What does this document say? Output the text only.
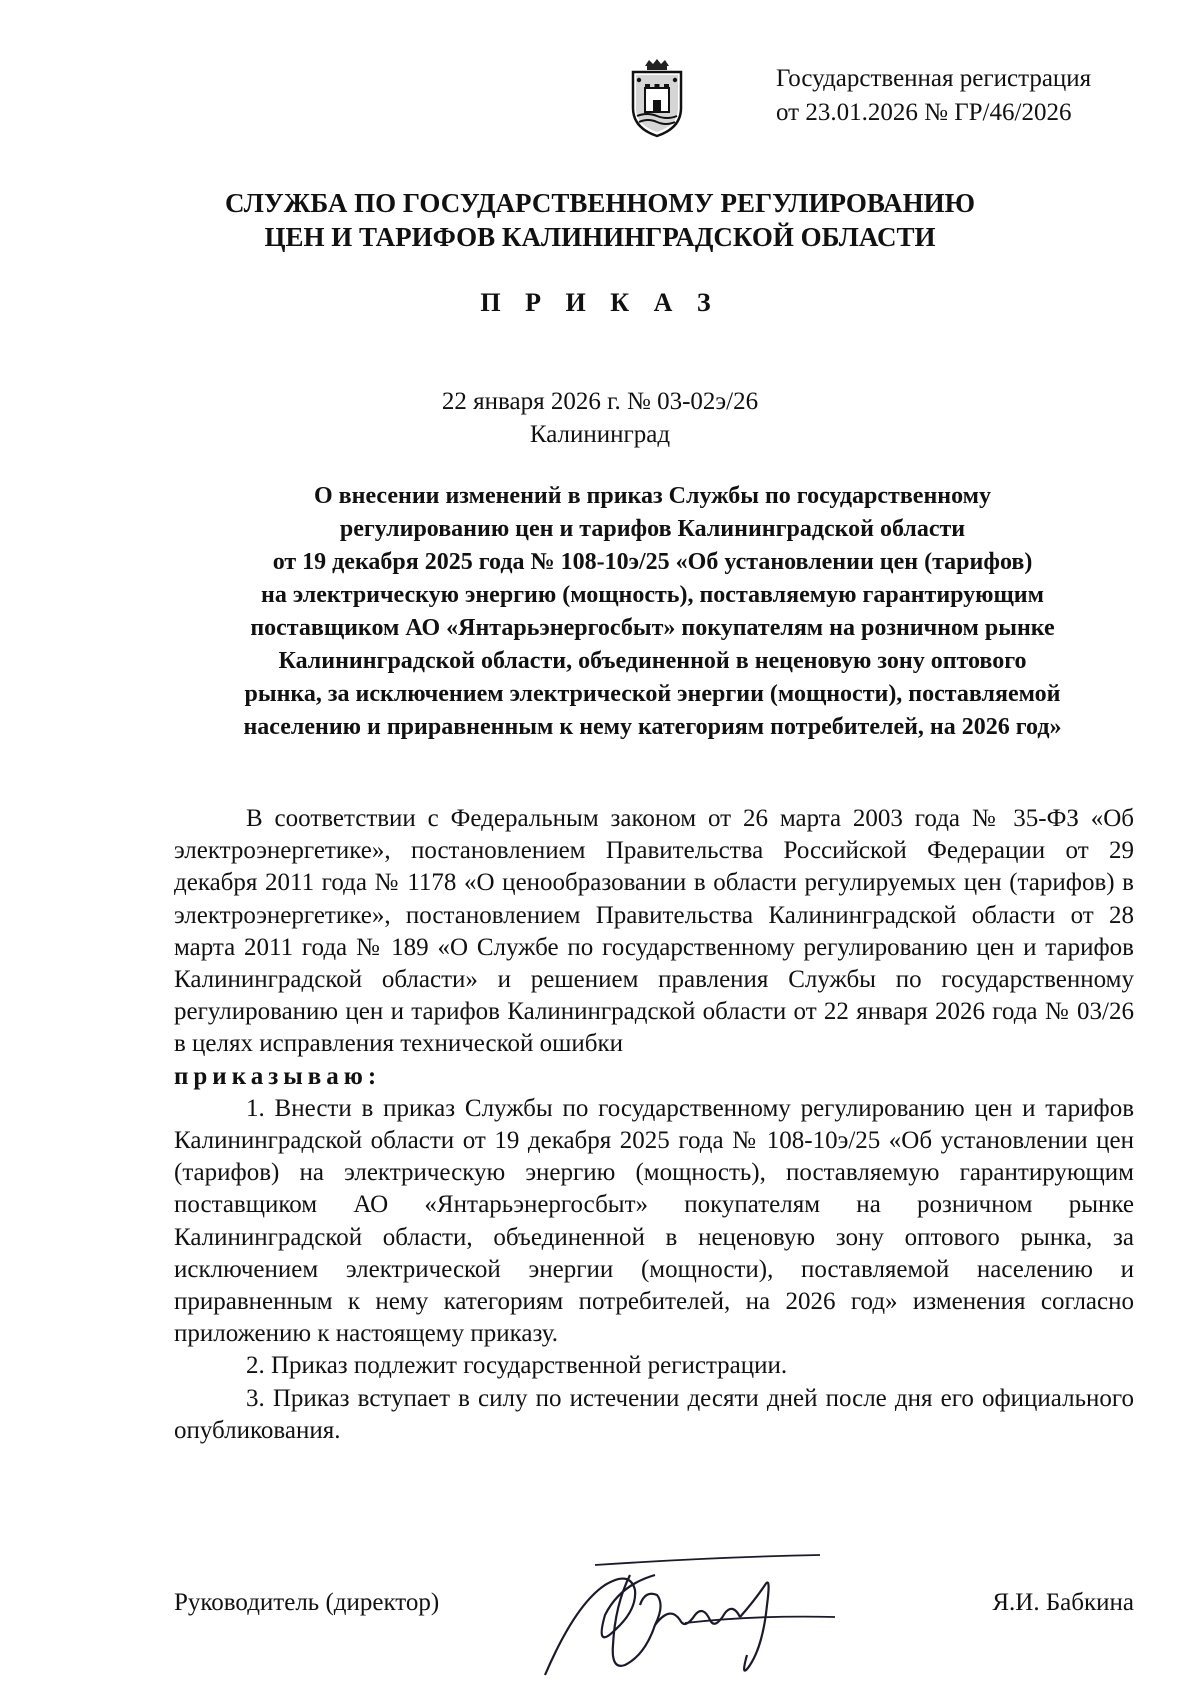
Государственная регистрация
от 23.01.2026 № ГР/46/2026
СЛУЖБА ПО ГОСУДАРСТВЕННОМУ РЕГУЛИРОВАНИЮ
ЦЕН И ТАРИФОВ КАЛИНИНГРАДСКОЙ ОБЛАСТИ
П Р И К А З
22 января 2026 г. № 03-02э/26
Калининград
О внесении изменений в приказ Службы по государственному
регулированию цен и тарифов Калининградской области
от 19 декабря 2025 года № 108-10э/25 «Об установлении цен (тарифов)
на электрическую энергию (мощность), поставляемую гарантирующим
поставщиком АО «Янтарьэнергосбыт» покупателям на розничном рынке
Калининградской области, объединенной в неценовую зону оптового
рынка, за исключением электрической энергии (мощности), поставляемой
населению и приравненным к нему категориям потребителей, на 2026 год»

В соответствии с Федеральным законом от 26 марта 2003 года № 35-ФЗ «Об электроэнергетике», постановлением Правительства Российской Федерации от 29 декабря 2011 года № 1178 «О ценообразовании в области регулируемых цен (тарифов) в электроэнергетике», постановлением Правительства Калининградской области от 28 марта 2011 года № 189 «О Службе по государственному регулированию цен и тарифов Калининградской области» и решением правления Службы по государственному регулированию цен и тарифов Калининградской области от 22 января 2026 года № 03/26 в целях исправления технической ошибки

приказываю:

1. Внести в приказ Службы по государственному регулированию цен и тарифов Калининградской области от 19 декабря 2025 года № 108-10э/25 «Об установлении цен (тарифов) на электрическую энергию (мощность), поставляемую гарантирующим поставщиком АО «Янтарьэнергосбыт» покупателям на розничном рынке Калининградской области, объединенной в неценовую зону оптового рынка, за исключением электрической энергии (мощности), поставляемой населению и приравненным к нему категориям потребителей, на 2026 год» изменения согласно приложению к настоящему приказу.

2. Приказ подлежит государственной регистрации.

3. Приказ вступает в силу по истечении десяти дней после дня его официального опубликования.

Руководитель (директор)	Я.И. Бабкина
